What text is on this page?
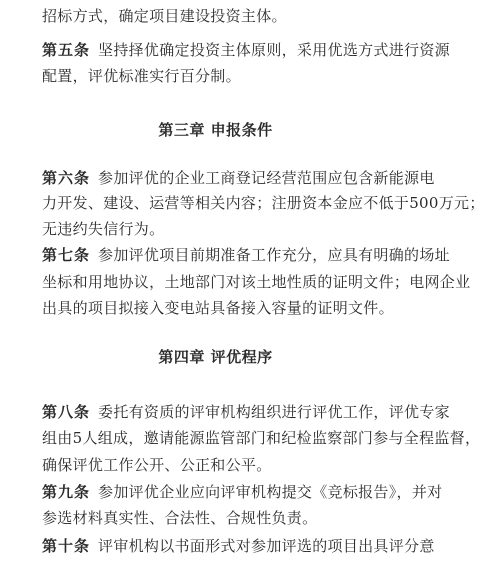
招标方式，确定项目建设投资主体。
第五条 坚持择优确定投资主体原则，采用优选方式进行资源
配置，评优标准实行百分制。
第三章 申报条件
第六条 参加评优的企业工商登记经营范围应包含新能源电
力开发、建设、运营等相关内容；注册资本金应不低于500万元；
无违约失信行为。
第七条 参加评优项目前期准备工作充分，应具有明确的场址
坐标和用地协议，土地部门对该土地性质的证明文件；电网企业
出具的项目拟接入变电站具备接入容量的证明文件。
第四章 评优程序
第八条 委托有资质的评审机构组织进行评优工作，评优专家
组由5人组成，邀请能源监管部门和纪检监察部门参与全程监督，
确保评优工作公开、公正和公平。
第九条 参加评优企业应向评审机构提交《竞标报告》，并对
参选材料真实性、合法性、合规性负责。
第十条 评审机构以书面形式对参加评选的项目出具评分意
